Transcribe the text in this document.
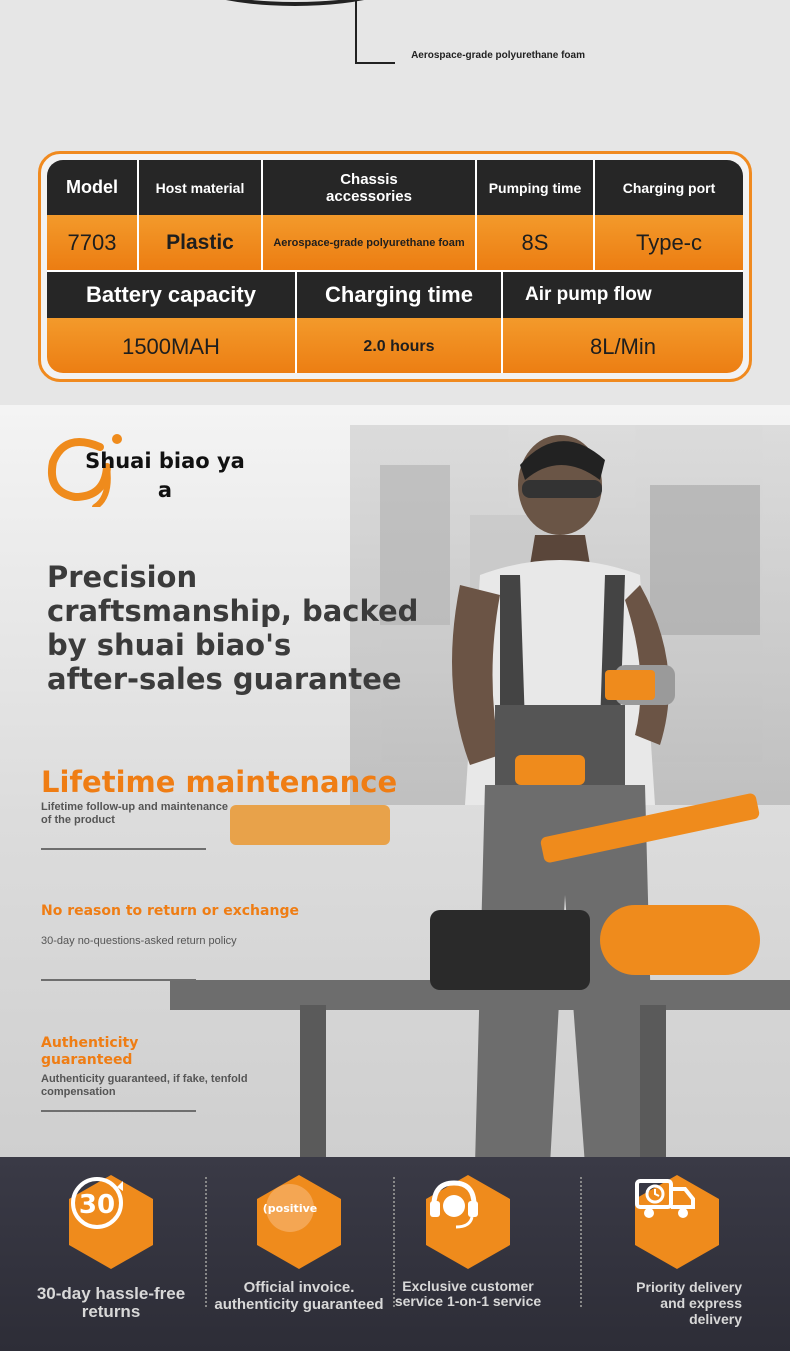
Aerospace-grade polyurethane foam
Model	Host material	Chassis accessories	Pumping time	Charging port
7703	Plastic	Aerospace-grade polyurethane foam	8S	Type-c
Battery capacity	Charging time	Air pump flow
1500MAH	2.0 hours	8L/Min
Shuai biao ya
a
Precision
craftsmanship, backed
by shuai biao's
after-sales guarantee
Lifetime maintenance
Lifetime follow-up and maintenance of the product
No reason to return or exchange
30-day no-questions-asked return policy
Authenticity guaranteed
Authenticity guaranteed, if fake, tenfold compensation
30
30-day hassle-free returns
(positive
Official invoice. authenticity guaranteed
Exclusive customer service 1-on-1 service
Priority delivery and express delivery
